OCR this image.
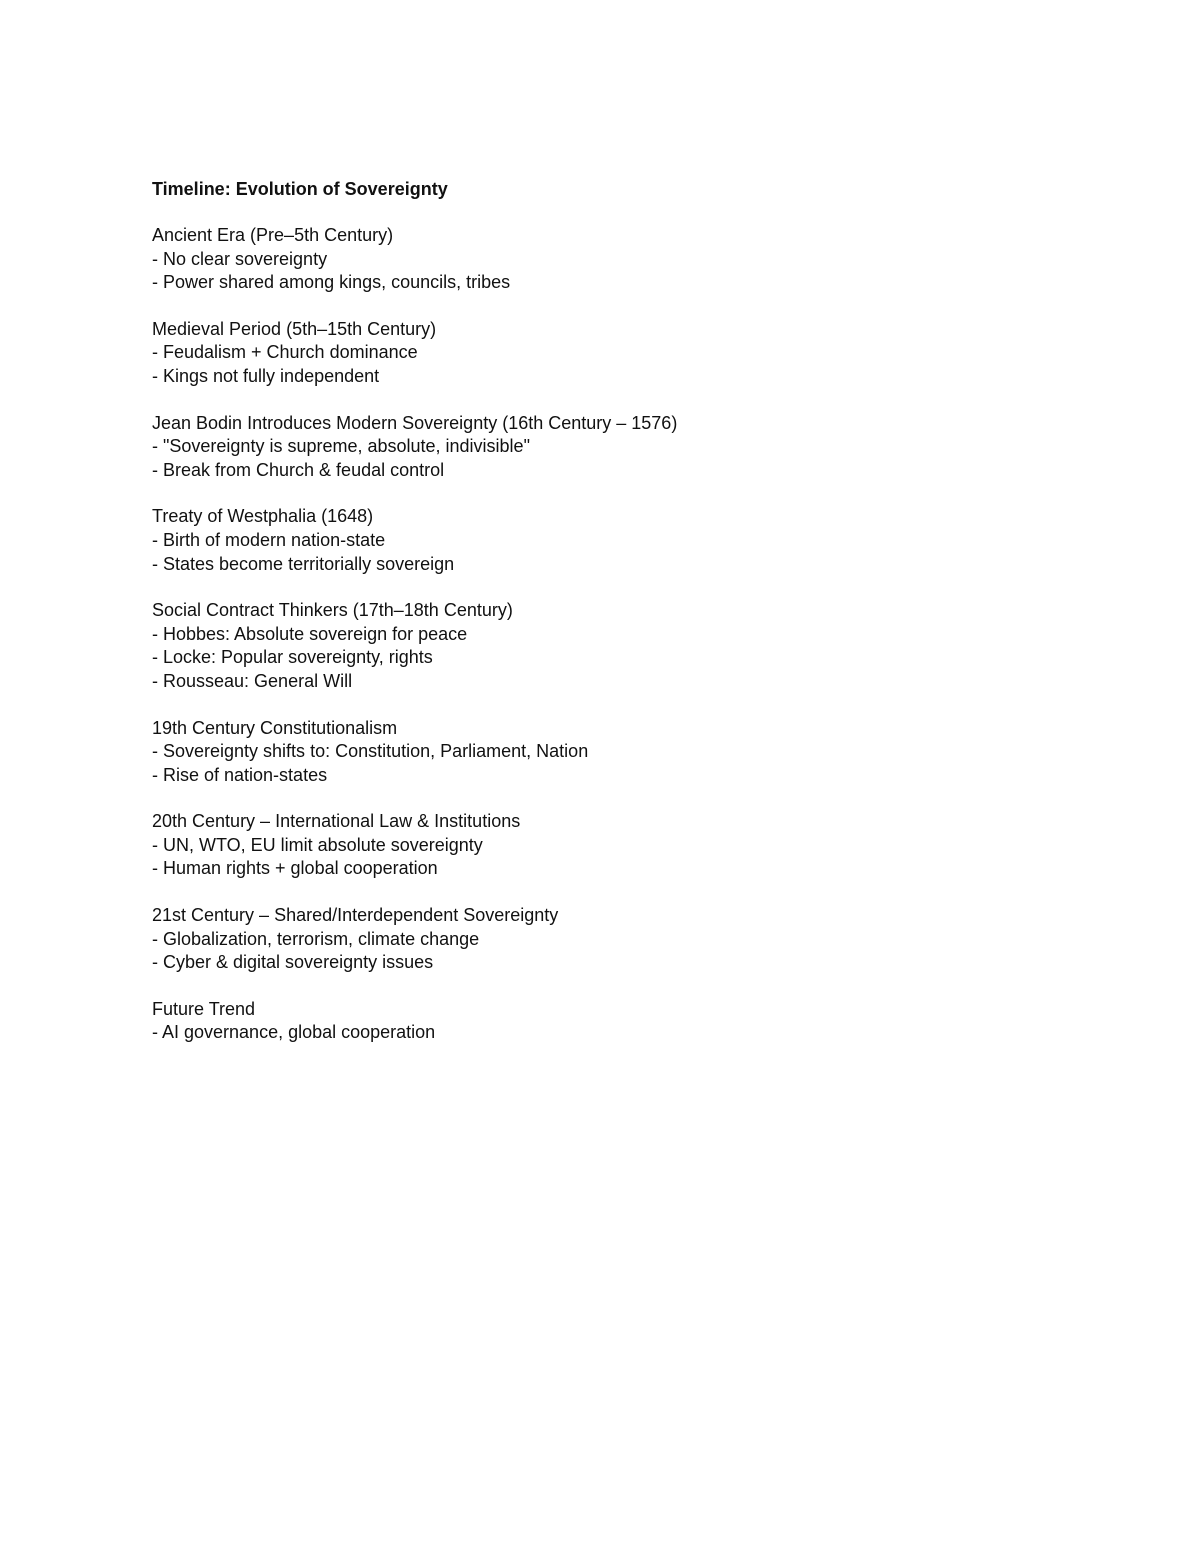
Timeline: Evolution of Sovereignty
Ancient Era (Pre–5th Century)
- No clear sovereignty
- Power shared among kings, councils, tribes
Medieval Period (5th–15th Century)
- Feudalism + Church dominance
- Kings not fully independent
Jean Bodin Introduces Modern Sovereignty (16th Century – 1576)
- "Sovereignty is supreme, absolute, indivisible"
- Break from Church & feudal control
Treaty of Westphalia (1648)
- Birth of modern nation-state
- States become territorially sovereign
Social Contract Thinkers (17th–18th Century)
- Hobbes: Absolute sovereign for peace
- Locke: Popular sovereignty, rights
- Rousseau: General Will
19th Century Constitutionalism
- Sovereignty shifts to: Constitution, Parliament, Nation
- Rise of nation-states
20th Century – International Law & Institutions
- UN, WTO, EU limit absolute sovereignty
- Human rights + global cooperation
21st Century – Shared/Interdependent Sovereignty
- Globalization, terrorism, climate change
- Cyber & digital sovereignty issues
Future Trend
- AI governance, global cooperation
